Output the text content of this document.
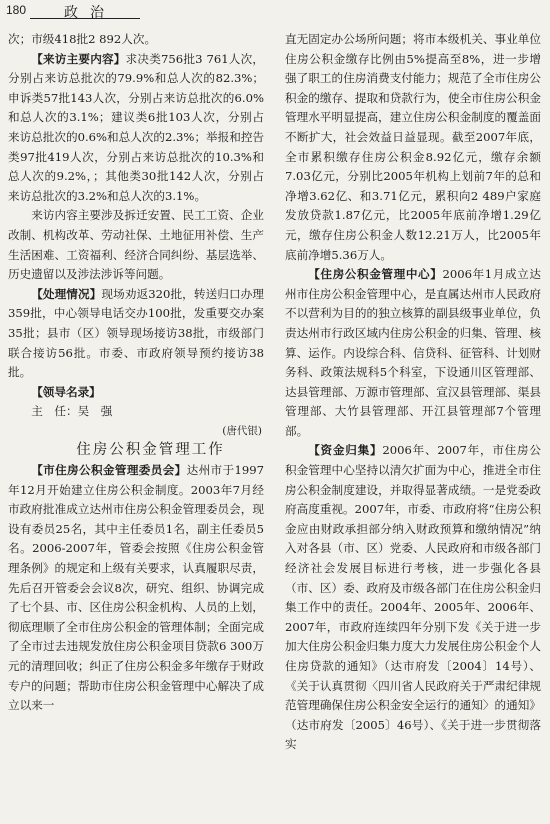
180	政治

次；市级418批2 892人次。

【来访主要内容】求决类756批3 761人次，分别占来访总批次的79.9%和总人次的82.3%；申诉类57批143人次，分别占来访总批次的6.0%和总人次的3.1%；建议类6批103人次，分别占来访总批次的0.6%和总人次的2.3%；举报和控告类97批419人次，分别占来访总批次的10.3%和总人次的9.2%，；其他类30批142人次，分别占来访总批次的3.2%和总人次的3.1%。

来访内容主要涉及拆迁安置、民工工资、企业改制、机构改革、劳动社保、土地征用补偿、生产生活困难、工资福利、经济合同纠纷、基层选举、历史遗留以及涉法涉诉等问题。

【处理情况】现场劝返320批，转送归口办理359批，中心领导电话交办100批，发重要交办案35批；县市（区）领导现场接访38批，市级部门联合接访56批。市委、市政府领导预约接访38批。

【领导名录】

主　任：吴　强

(唐代银)

住房公积金管理工作

【市住房公积金管理委员会】达州市于1997年12月开始建立住房公积金制度。2003年7月经市政府批准成立达州市住房公积金管理委员会，现设有委员25名，其中主任委员1名，副主任委员5名。2006-2007年，管委会按照《住房公积金管理条例》的规定和上级有关要求，认真履职尽责，先后召开管委会会议8次，研究、组织、协调完成了七个县、市、区住房公积金机构、人员的上划，彻底理顺了全市住房公积金的管理体制；全面完成了全市过去违规发放住房公积金项目贷款6 300万元的清理回收；纠正了住房公积金多年缴存于财政专户的问题；帮助市住房公积金管理中心解决了成立以来一

直无固定办公场所问题；将市本级机关、事业单位住房公积金缴存比例由5%提高至8%，进一步增强了职工的住房消费支付能力；规范了全市住房公积金的缴存、提取和贷款行为，使全市住房公积金管理水平明显提高，建立住房公积金制度的覆盖面不断扩大，社会效益日益显现。截至2007年底，全市累积缴存住房公积金8.92亿元，缴存余额7.03亿元，分别比2005年机构上划前7年的总和净增3.62亿、和3.71亿元，累积向2 489户家庭发放贷款1.87亿元，比2005年底前净增1.29亿元，缴存住房公积金人数12.21万人，比2005年底前净增5.36万人。

【住房公积金管理中心】2006年1月成立达州市住房公积金管理中心，是直属达州市人民政府不以营利为目的的独立核算的副县级事业单位，负责达州市行政区域内住房公积金的归集、管理、核算、运作。内设综合科、信贷科、征管科、计划财务科、政策法规科5个科室，下设通川区管理部、达县管理部、万源市管理部、宣汉县管理部、渠县管理部、大竹县管理部、开江县管理部7个管理部。

【资金归集】2006年、2007年，市住房公积金管理中心坚持以清欠扩面为中心，推进全市住房公积金制度建设，并取得显著成绩。一是党委政府高度重视。2007年，市委、市政府将“住房公积金应由财政承担部分纳入财政预算和缴纳情况”纳入对各县（市、区）党委、人民政府和市级各部门经济社会发展目标进行考核，进一步强化各县（市、区）委、政府及市级各部门在住房公积金归集工作中的责任。2004年、2005年、2006年、2007年，市政府连续四年分别下发《关于进一步加大住房公积金归集力度大力发展住房公积金个人住房贷款的通知》（达市府发〔2004〕14号）、《关于认真贯彻〈四川省人民政府关于严肃纪律规范管理确保住房公积金安全运行的通知〉的通知》（达市府发〔2005〕46号）、《关于进一步贯彻落实
